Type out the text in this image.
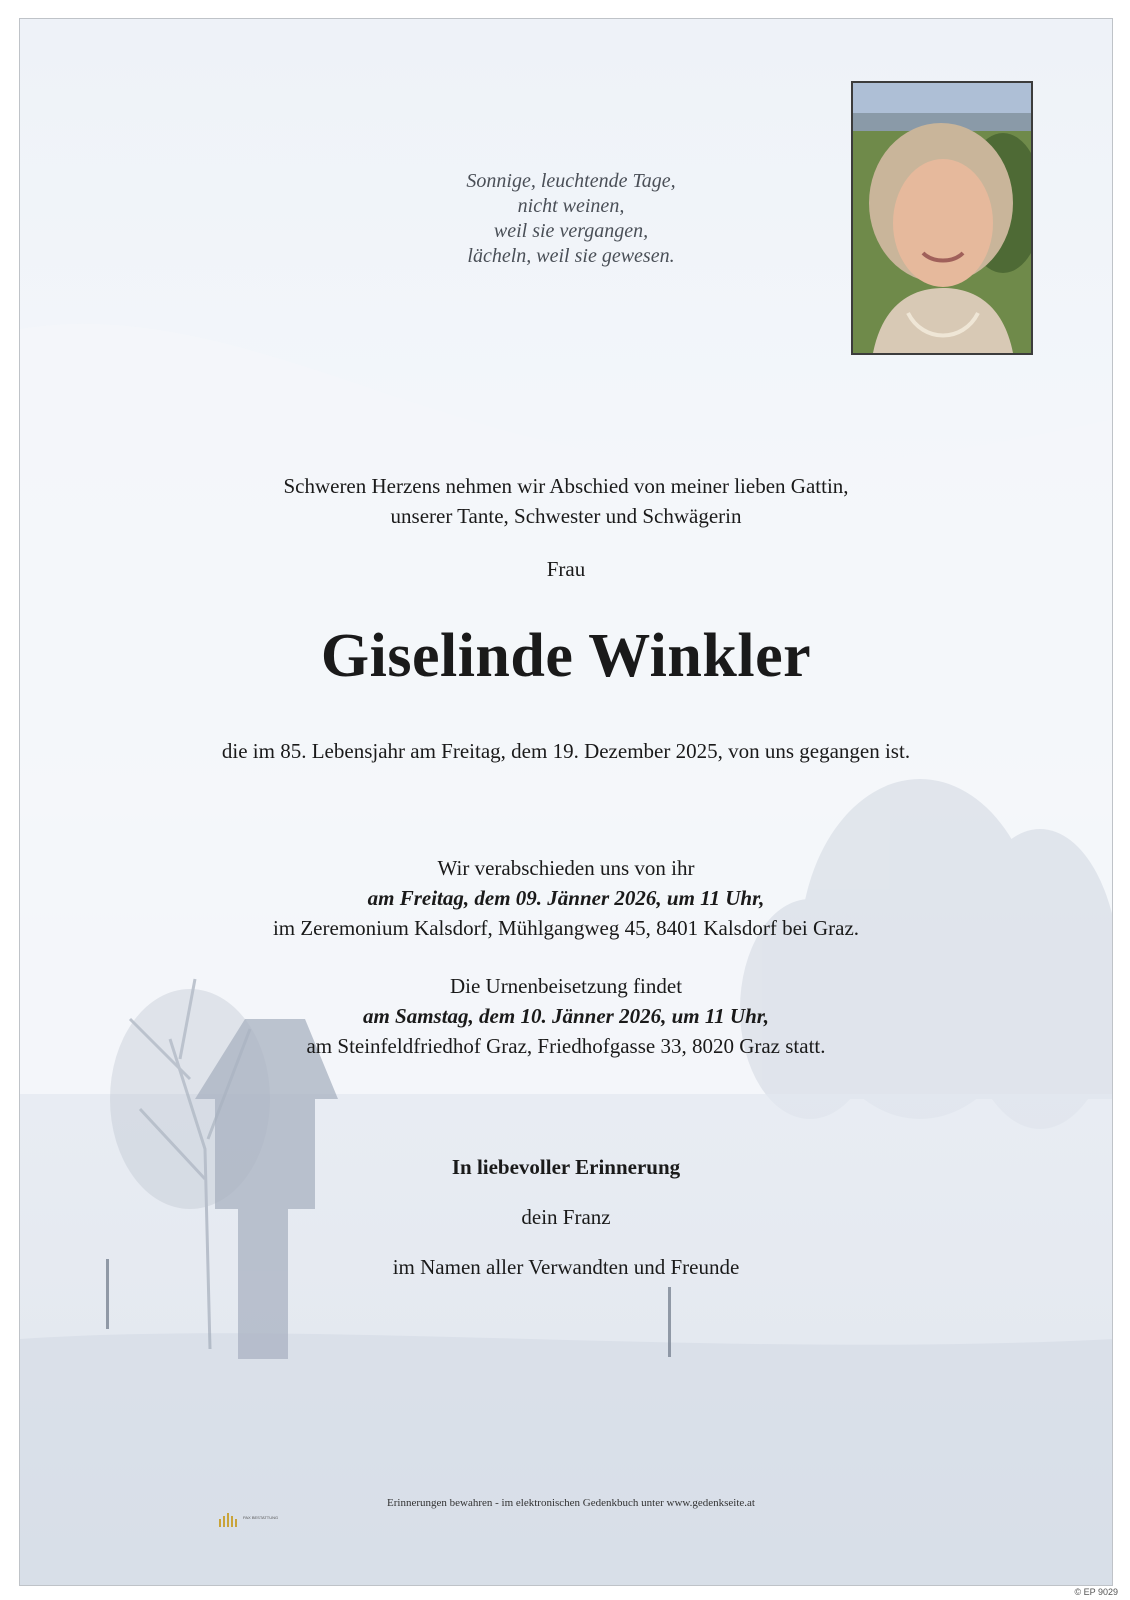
Sonnige, leuchtende Tage,
nicht weinen,
weil sie vergangen,
lächeln, weil sie gewesen.
Schweren Herzens nehmen wir Abschied von meiner lieben Gattin,
unserer Tante, Schwester und Schwägerin
Frau
Giselinde Winkler
die im 85. Lebensjahr am Freitag, dem 19. Dezember 2025, von uns gegangen ist.
Wir verabschieden uns von ihr
am Freitag, dem 09. Jänner 2026, um 11 Uhr,
im Zeremonium Kalsdorf, Mühlgangweg 45, 8401 Kalsdorf bei Graz.
Die Urnenbeisetzung findet
am Samstag, dem 10. Jänner 2026, um 11 Uhr,
am Steinfeldfriedhof Graz, Friedhofgasse 33, 8020 Graz statt.
In liebevoller Erinnerung
dein Franz
im Namen aller Verwandten und Freunde
PAX BESTATTUNG
Erinnerungen bewahren - im elektronischen Gedenkbuch unter www.gedenkseite.at
© EP 9029
